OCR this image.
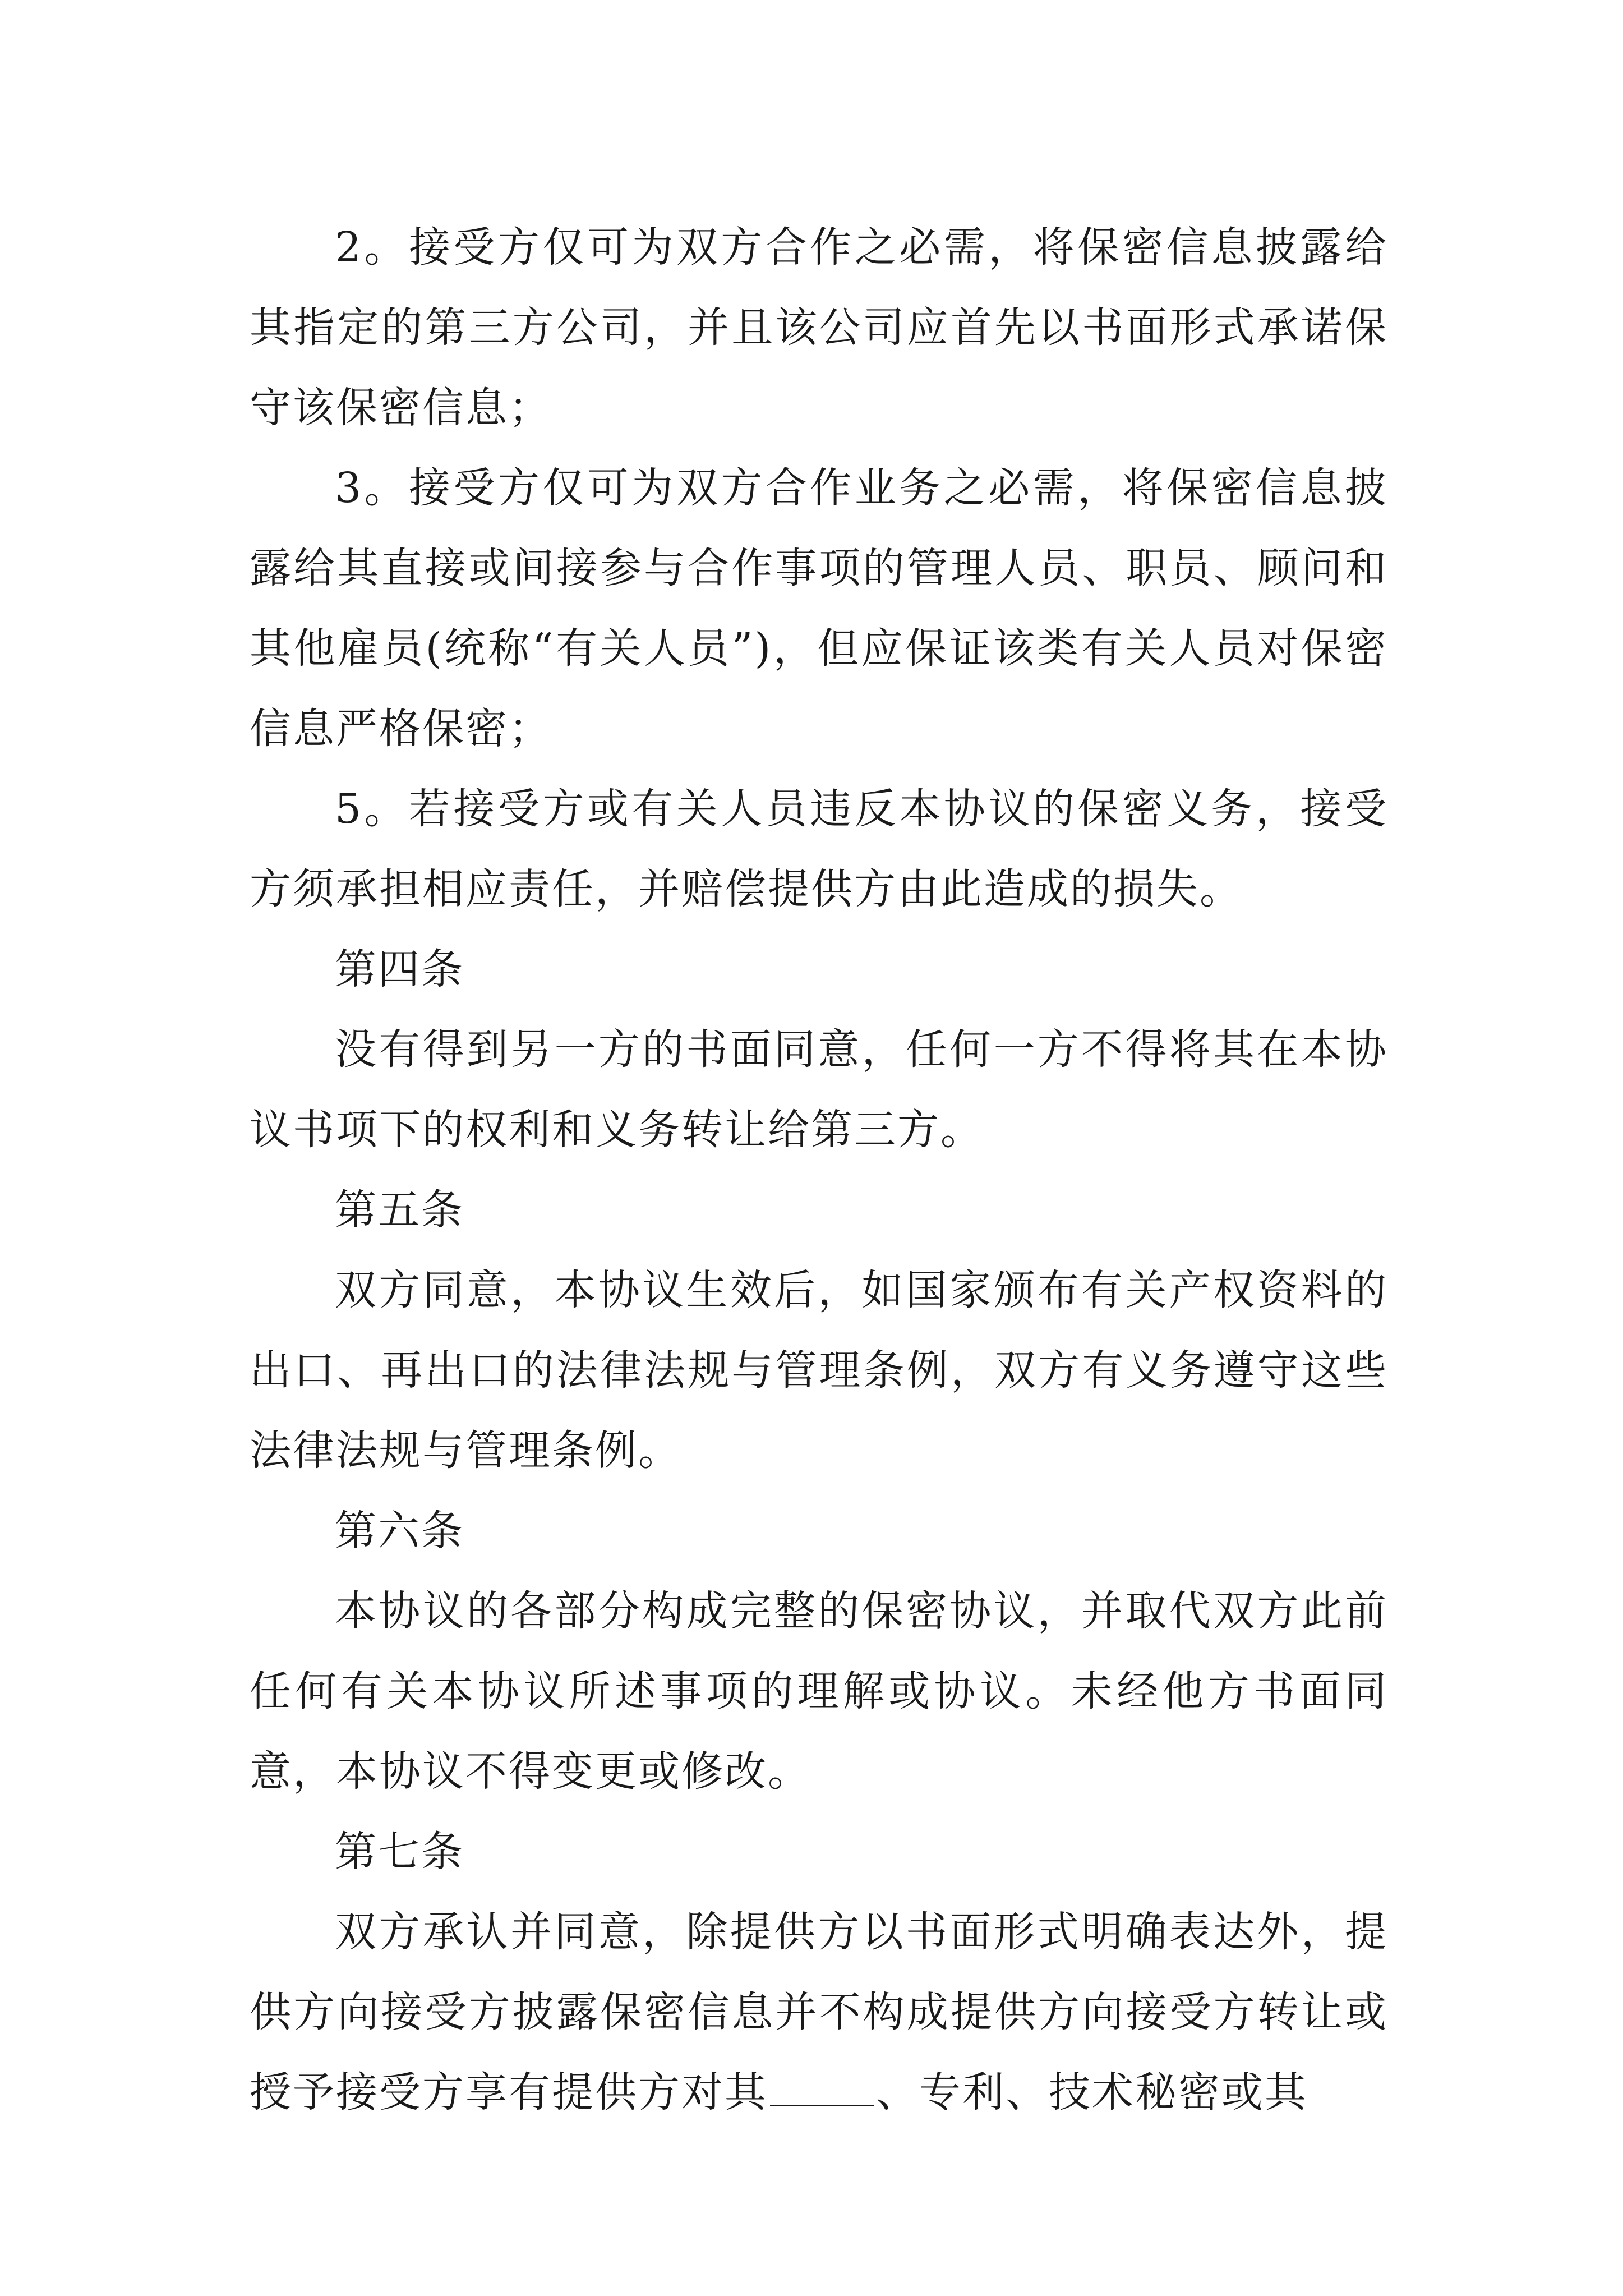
2。接受方仅可为双方合作之必需，将保密信息披露给其指定的第三方公司，并且该公司应首先以书面形式承诺保守该保密信息；

3。接受方仅可为双方合作业务之必需，将保密信息披露给其直接或间接参与合作事项的管理人员、职员、顾问和其他雇员(统称“有关人员”)，但应保证该类有关人员对保密信息严格保密；

5。若接受方或有关人员违反本协议的保密义务，接受方须承担相应责任，并赔偿提供方由此造成的损失。

第四条

没有得到另一方的书面同意，任何一方不得将其在本协议书项下的权利和义务转让给第三方。

第五条

双方同意，本协议生效后，如国家颁布有关产权资料的出口、再出口的法律法规与管理条例，双方有义务遵守这些法律法规与管理条例。

第六条

本协议的各部分构成完整的保密协议，并取代双方此前任何有关本协议所述事项的理解或协议。未经他方书面同意，本协议不得变更或修改。

第七条

双方承认并同意，除提供方以书面形式明确表达外，提供方向接受方披露保密信息并不构成提供方向接受方转让或授予接受方享有提供方对其	、专利、技术秘密或其
